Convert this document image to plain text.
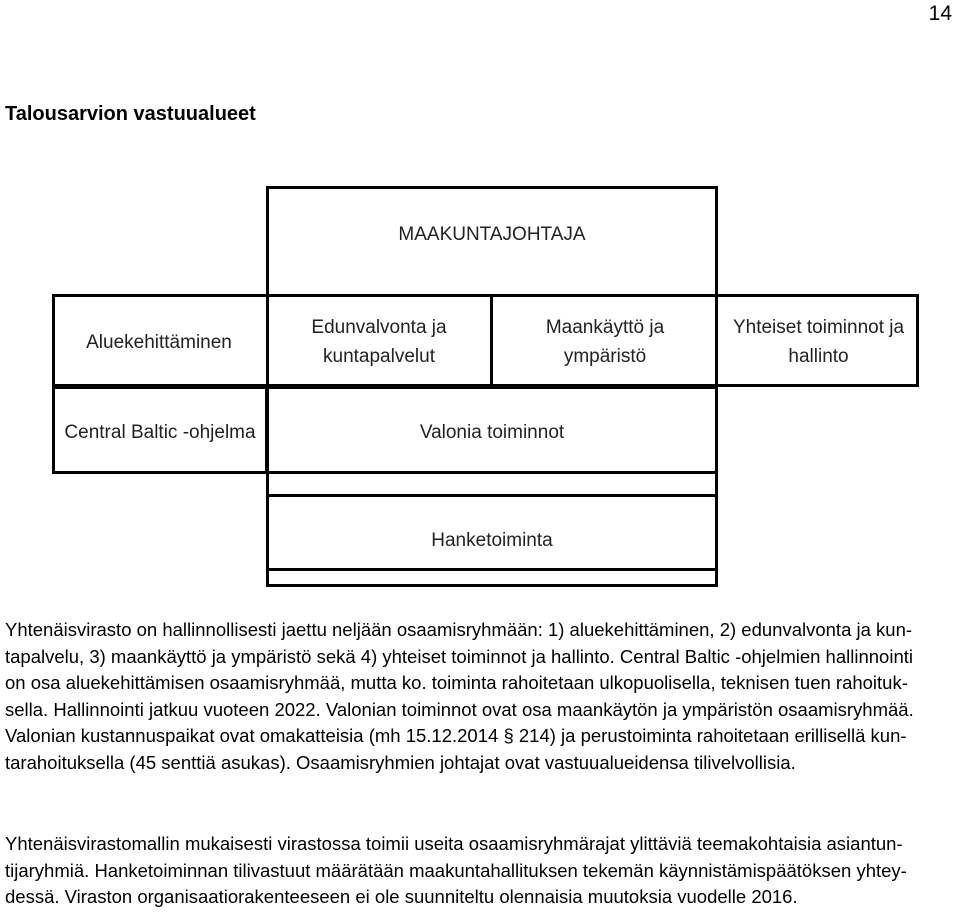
14
Talousarvion vastuualueet
MAAKUNTAJOHTAJA
Aluekehittäminen
Edunvalvonta ja
kuntapalvelut
Maankäyttö ja
ympäristö
Yhteiset toiminnot ja
hallinto
Central Baltic -ohjelma	Valonia toiminnot
Hanketoiminta

Yhtenäisvirasto on hallinnollisesti jaettu neljään osaamisryhmään: 1) aluekehittäminen, 2) edunvalvonta ja kun-
tapalvelu, 3) maankäyttö ja ympäristö sekä 4) yhteiset toiminnot ja hallinto. Central Baltic -ohjelmien hallinnointi
on osa aluekehittämisen osaamisryhmää, mutta ko. toiminta rahoitetaan ulkopuolisella, teknisen tuen rahoituk-
sella. Hallinnointi jatkuu vuoteen 2022. Valonian toiminnot ovat osa maankäytön ja ympäristön osaamisryhmää.
Valonian kustannuspaikat ovat omakatteisia (mh 15.12.2014 § 214) ja perustoiminta rahoitetaan erillisellä kun-
tarahoituksella (45 senttiä asukas). Osaamisryhmien johtajat ovat vastuualueidensa tilivelvollisia.

Yhtenäisvirastomallin mukaisesti virastossa toimii useita osaamisryhmärajat ylittäviä teemakohtaisia asiantun-
tijaryhmiä. Hanketoiminnan tilivastuut määrätään maakuntahallituksen tekemän käynnistämispäätöksen yhtey-
dessä. Viraston organisaatiorakenteeseen ei ole suunniteltu olennaisia muutoksia vuodelle 2016.
